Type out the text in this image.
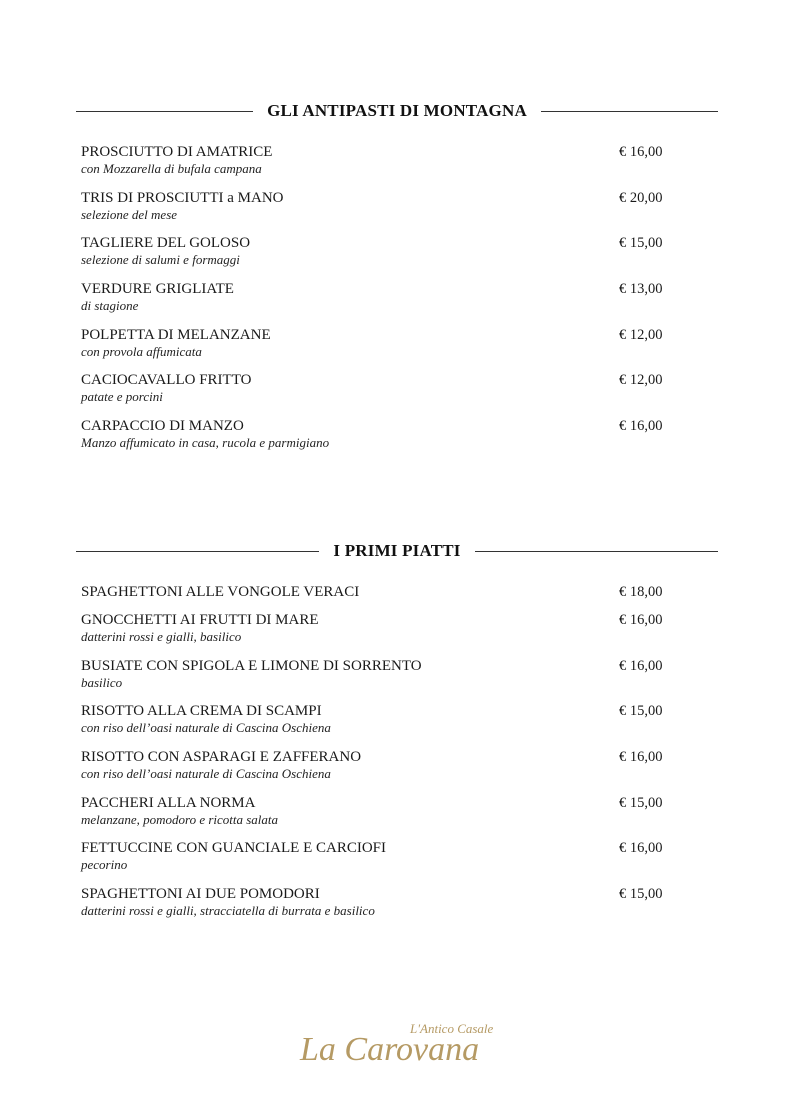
GLI ANTIPASTI DI MONTAGNA
PROSCIUTTO DI AMATRICE
con Mozzarella di bufala campana
€ 16,00
TRIS DI PROSCIUTTI a MANO
selezione del mese
€ 20,00
TAGLIERE DEL GOLOSO
selezione di salumi e formaggi
€ 15,00
VERDURE GRIGLIATE
di stagione
€ 13,00
POLPETTA DI MELANZANE
con provola affumicata
€ 12,00
CACIOCAVALLO FRITTO
patate e porcini
€ 12,00
CARPACCIO DI MANZO
Manzo affumicato in casa, rucola e parmigiano
€ 16,00
I PRIMI PIATTI
SPAGHETTONI ALLE VONGOLE VERACI	€ 18,00
GNOCCHETTI AI FRUTTI DI MARE
datterini rossi e gialli, basilico
€ 16,00
BUSIATE CON SPIGOLA E LIMONE DI SORRENTO
basilico
€ 16,00
RISOTTO ALLA CREMA DI SCAMPI
con riso dell’oasi naturale di Cascina Oschiena
€ 15,00
RISOTTO CON ASPARAGI E ZAFFERANO
con riso dell’oasi naturale di Cascina Oschiena
€ 16,00
PACCHERI ALLA NORMA
melanzane, pomodoro e ricotta salata
€ 15,00
FETTUCCINE CON GUANCIALE E CARCIOFI
pecorino
€ 16,00
SPAGHETTONI AI DUE POMODORI
datterini rossi e gialli, stracciatella di burrata e basilico
€ 15,00
L'Antico Casale
La Carovana
